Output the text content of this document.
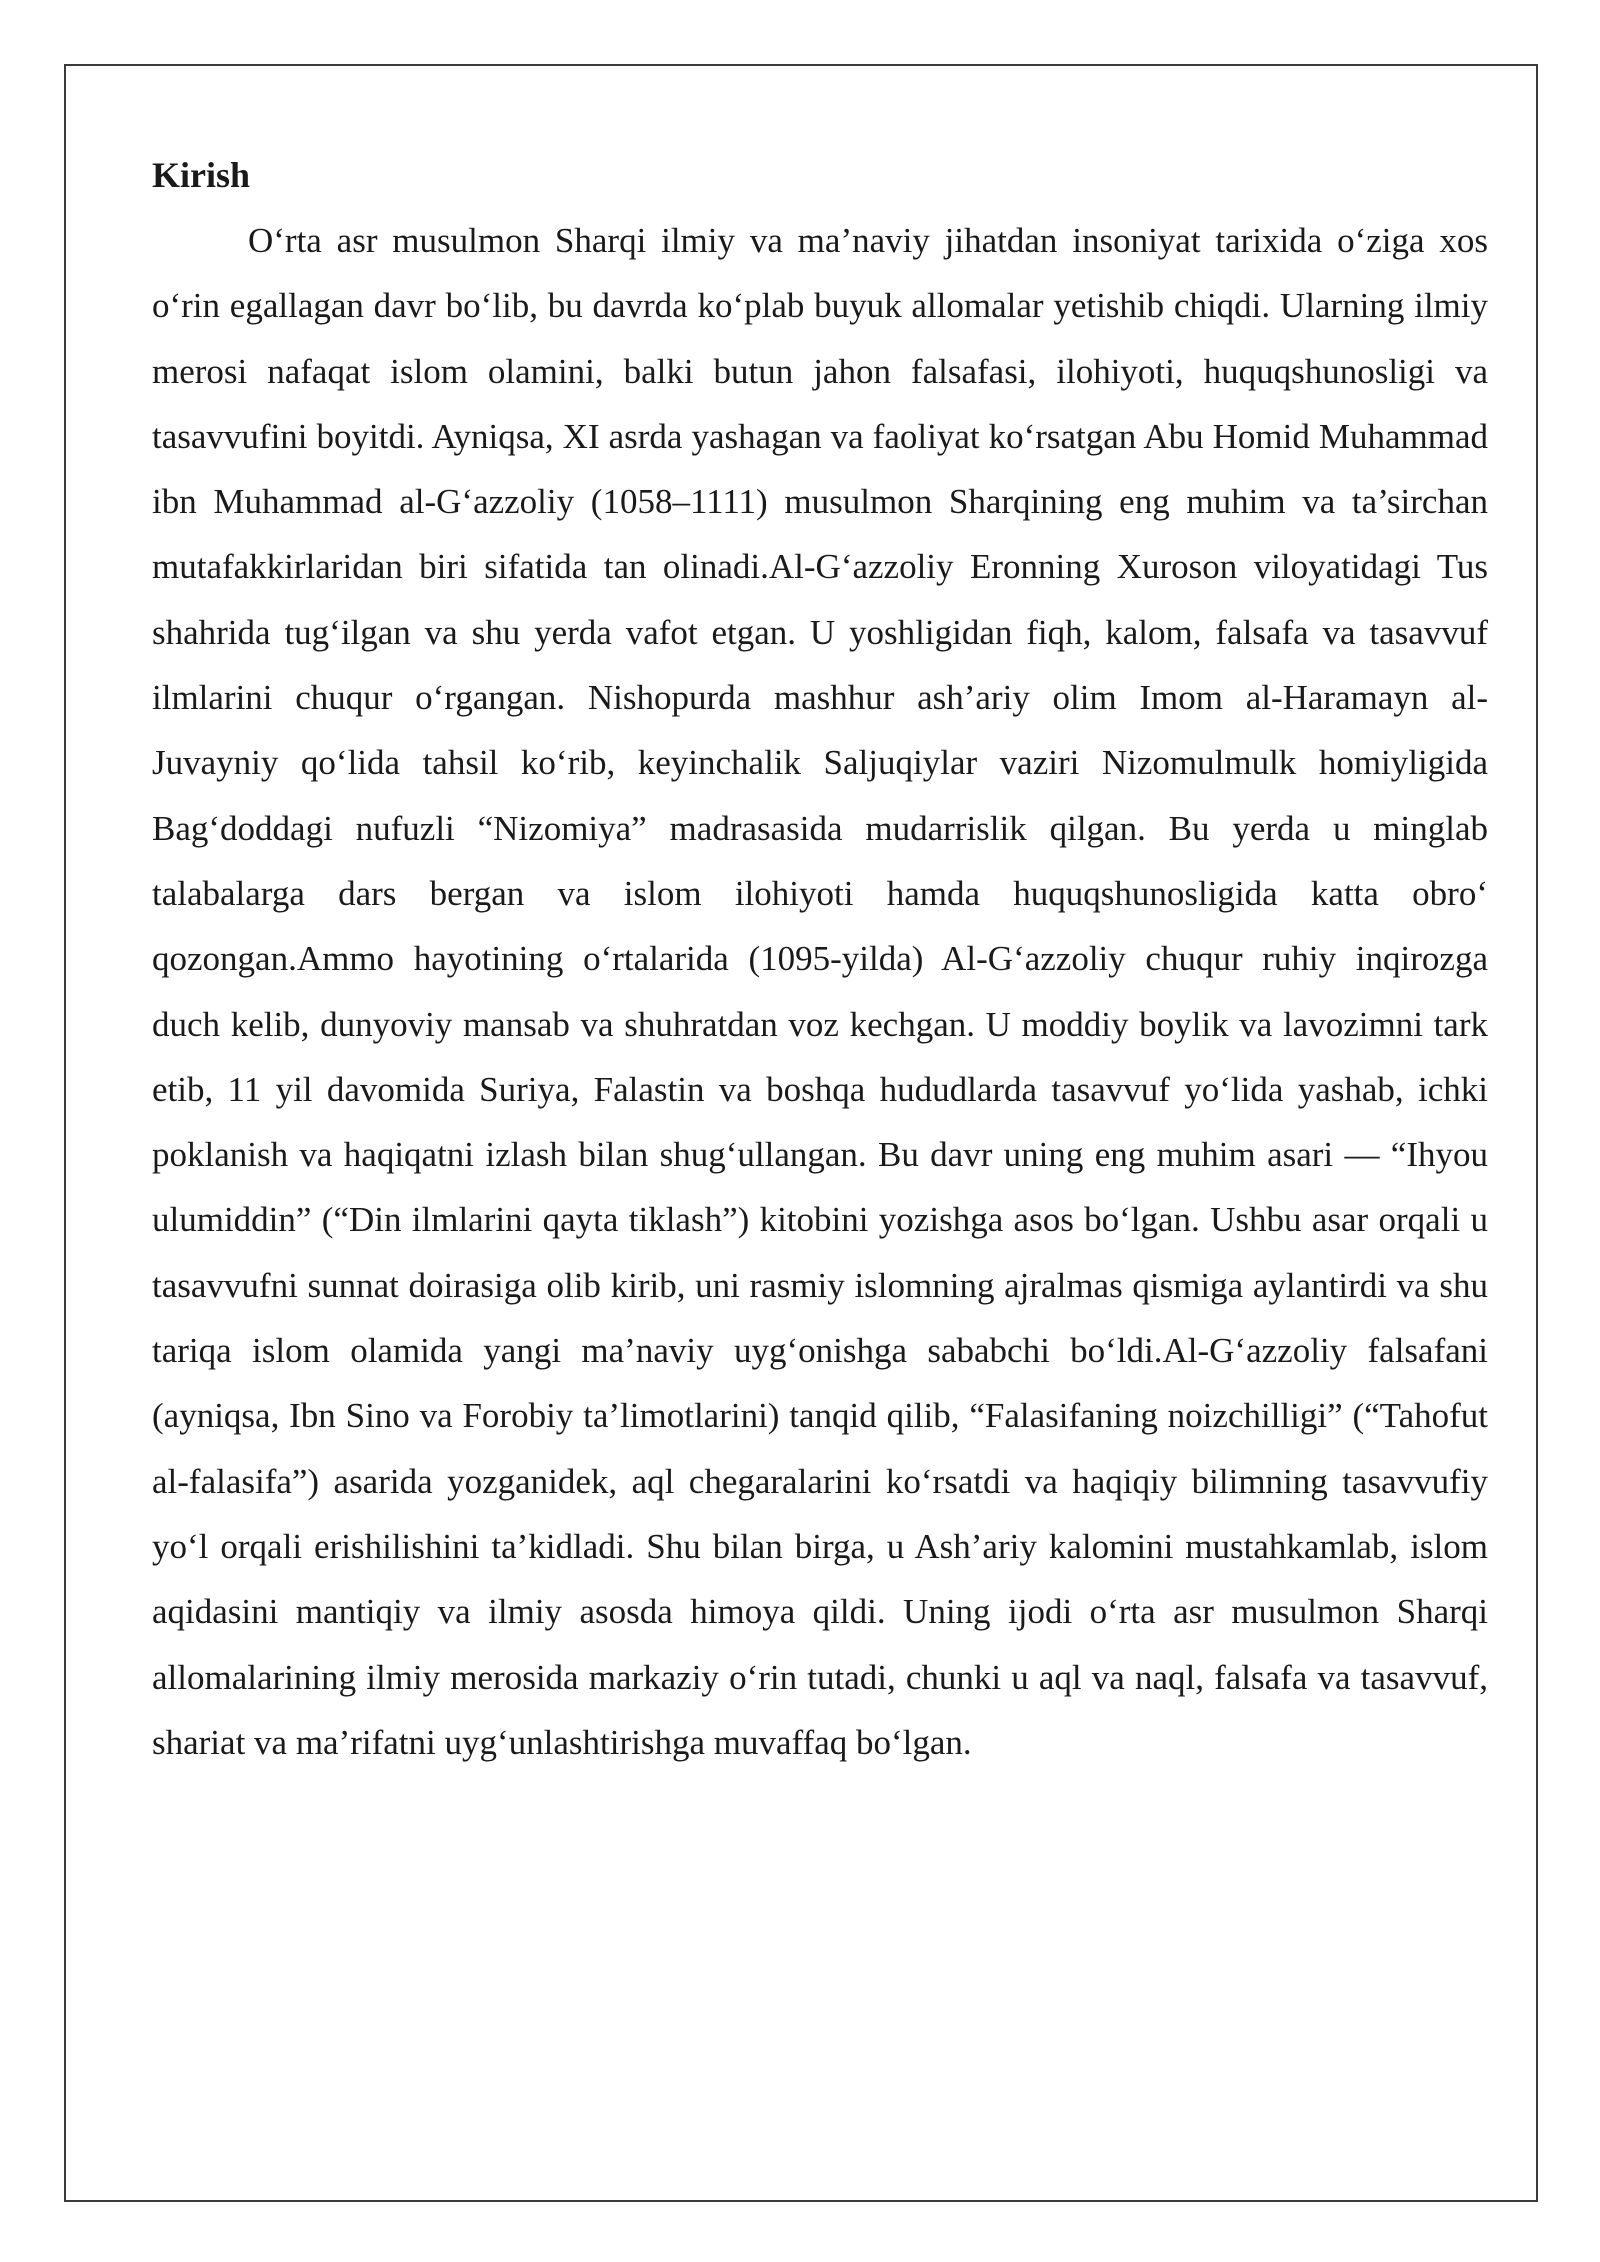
Kirish

O‘rta asr musulmon Sharqi ilmiy va ma’naviy jihatdan insoniyat tarixida o‘ziga xos o‘rin egallagan davr bo‘lib, bu davrda ko‘plab buyuk allomalar yetishib chiqdi. Ularning ilmiy merosi nafaqat islom olamini, balki butun jahon falsafasi, ilohiyoti, huquqshunosligi va tasavvufini boyitdi. Ayniqsa, XI asrda yashagan va faoliyat ko‘rsatgan Abu Homid Muhammad ibn Muhammad al-G‘azzoliy (1058–1111) musulmon Sharqining eng muhim va ta’sirchan mutafakkirlaridan biri sifatida tan olinadi.Al-G‘azzoliy Eronning Xuroson viloyatidagi Tus shahrida tug‘ilgan va shu yerda vafot etgan. U yoshligidan fiqh, kalom, falsafa va tasavvuf ilmlarini chuqur o‘rgangan. Nishopurda mashhur ash’ariy olim Imom al-Haramayn al-Juvayniy qo‘lida tahsil ko‘rib, keyinchalik Saljuqiylar vaziri Nizomulmulk homiyligida Bag‘doddagi nufuzli “Nizomiya” madrasasida mudarrislik qilgan. Bu yerda u minglab talabalarga dars bergan va islom ilohiyoti hamda huquqshunosligida katta obro‘ qozongan.Ammo hayotining o‘rtalarida (1095-yilda) Al-G‘azzoliy chuqur ruhiy inqirozga duch kelib, dunyoviy mansab va shuhratdan voz kechgan. U moddiy boylik va lavozimni tark etib, 11 yil davomida Suriya, Falastin va boshqa hududlarda tasavvuf yo‘lida yashab, ichki poklanish va haqiqatni izlash bilan shug‘ullangan. Bu davr uning eng muhim asari — “Ihyou ulumiddin” (“Din ilmlarini qayta tiklash”) kitobini yozishga asos bo‘lgan. Ushbu asar orqali u tasavvufni sunnat doirasiga olib kirib, uni rasmiy islomning ajralmas qismiga aylantirdi va shu tariqa islom olamida yangi ma’naviy uyg‘onishga sababchi bo‘ldi.Al-G‘azzoliy falsafani (ayniqsa, Ibn Sino va Forobiy ta’limotlarini) tanqid qilib, “Falasifaning noizchilligi” (“Tahofut al-falasifa”) asarida yozganidek, aql chegaralarini ko‘rsatdi va haqiqiy bilimning tasavvufiy yo‘l orqali erishilishini ta’kidladi. Shu bilan birga, u Ash’ariy kalomini mustahkamlab, islom aqidasini mantiqiy va ilmiy asosda himoya qildi. Uning ijodi o‘rta asr musulmon Sharqi allomalarining ilmiy merosida markaziy o‘rin tutadi, chunki u aql va naql, falsafa va tasavvuf, shariat va ma’rifatni uyg‘unlashtirishga muvaffaq bo‘lgan.
